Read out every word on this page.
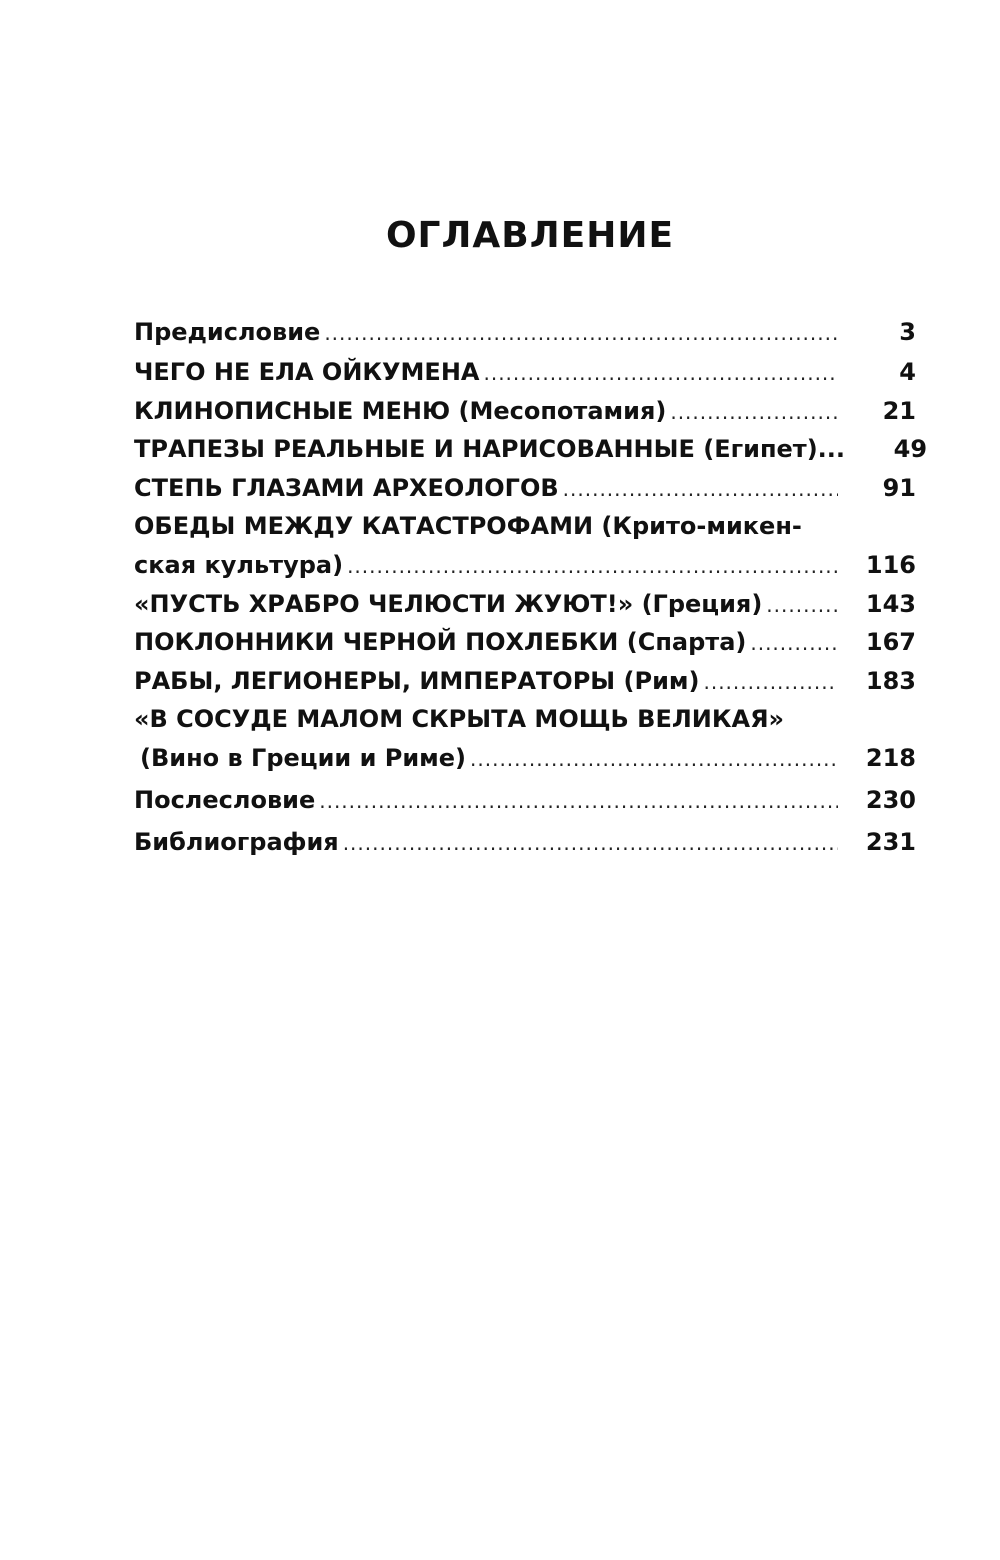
ОГЛАВЛЕНИЕ
Предисловие .....	3
ЧЕГО НЕ ЕЛА ОЙКУМЕНА .....	4
КЛИНОПИСНЫЕ МЕНЮ (Месопотамия) .....	21
ТРАПЕЗЫ РЕАЛЬНЫЕ И НАРИСОВАННЫЕ (Египет)...	49
СТЕПЬ ГЛАЗАМИ АРХЕОЛОГОВ .....	91
ОБЕДЫ МЕЖДУ КАТАСТРОФАМИ (Крито-микен-
ская культура) .....	116
«ПУСТЬ ХРАБРО ЧЕЛЮСТИ ЖУЮТ!» (Греция) .....	143
ПОКЛОННИКИ ЧЕРНОЙ ПОХЛЕБКИ (Спарта) .....	167
РАБЫ, ЛЕГИОНЕРЫ, ИМПЕРАТОРЫ (Рим) .....	183
«В СОСУДЕ МАЛОМ СКРЫТА МОЩЬ ВЕЛИКАЯ»
(Вино в Греции и Риме) .....	218
Послесловие .....	230
Библиография .....	231
